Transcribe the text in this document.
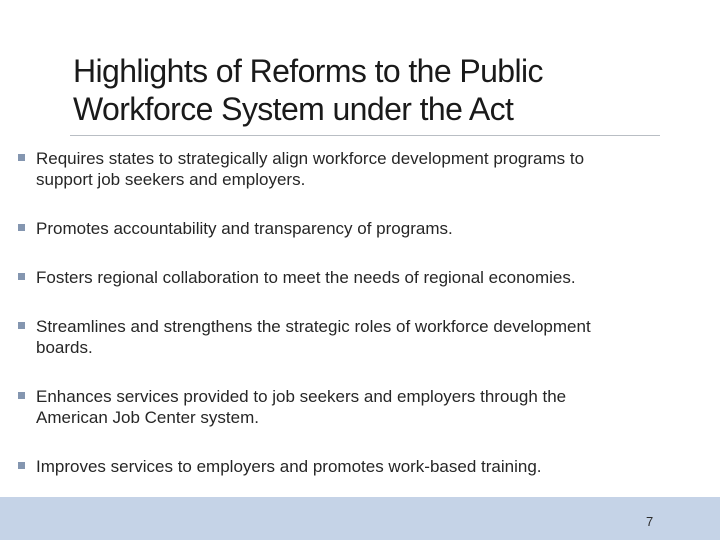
Highlights of Reforms to the Public
Workforce System under the Act
Requires states to strategically align workforce development programs to
support job seekers and employers.
Promotes accountability and transparency of programs.
Fosters regional collaboration to meet the needs of regional economies.
Streamlines and strengthens the strategic roles of workforce development
boards.
Enhances services provided to job seekers and employers through the
American Job Center system.
Improves services to employers and promotes work-based training.
7
